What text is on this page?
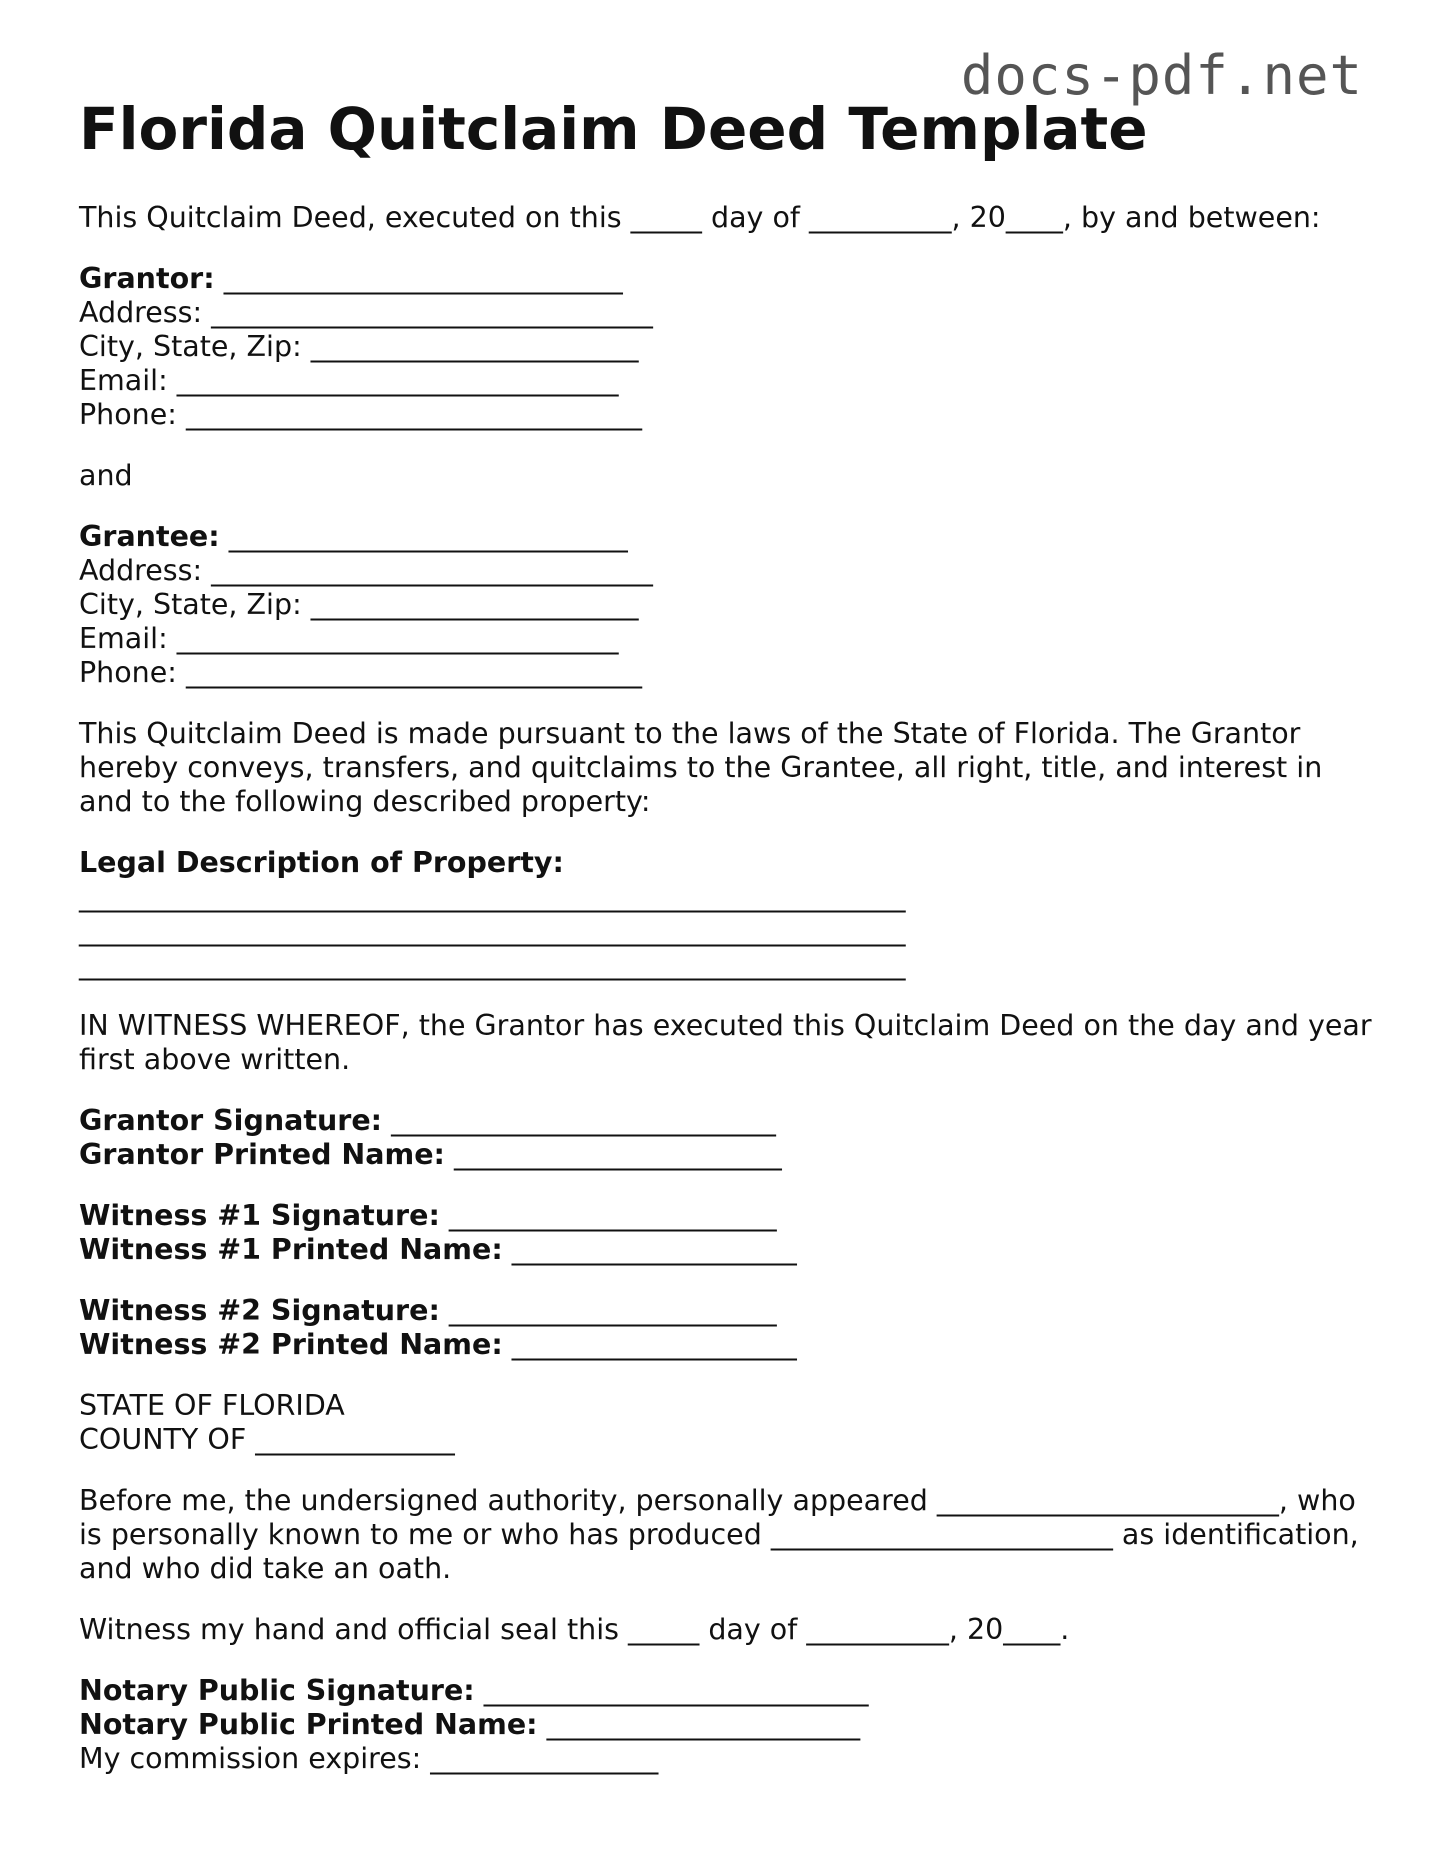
docs-pdf.net
Florida Quitclaim Deed Template

This Quitclaim Deed, executed on this _____ day of __________, 20____, by and between:

Grantor: ____________________________
Address: _______________________________
City, State, Zip: _______________________
Email: _______________________________
Phone: ________________________________

and

Grantee: ____________________________
Address: _______________________________
City, State, Zip: _______________________
Email: _______________________________
Phone: ________________________________

This Quitclaim Deed is made pursuant to the laws of the State of Florida. The Grantor hereby conveys, transfers, and quitclaims to the Grantee, all right, title, and interest in and to the following described property:

Legal Description of Property:
__________________________________________________________
__________________________________________________________
__________________________________________________________

IN WITNESS WHEREOF, the Grantor has executed this Quitclaim Deed on the day and year first above written.

Grantor Signature: ___________________________
Grantor Printed Name: _______________________
Witness #1 Signature: _______________________
Witness #1 Printed Name: ____________________
Witness #2 Signature: _______________________
Witness #2 Printed Name: ____________________
STATE OF FLORIDA
COUNTY OF ______________

Before me, the undersigned authority, personally appeared ________________________, who is personally known to me or who has produced ________________________ as identification, and who did take an oath.

Witness my hand and official seal this _____ day of __________, 20____.

Notary Public Signature: ___________________________
Notary Public Printed Name: ______________________
My commission expires: ________________
